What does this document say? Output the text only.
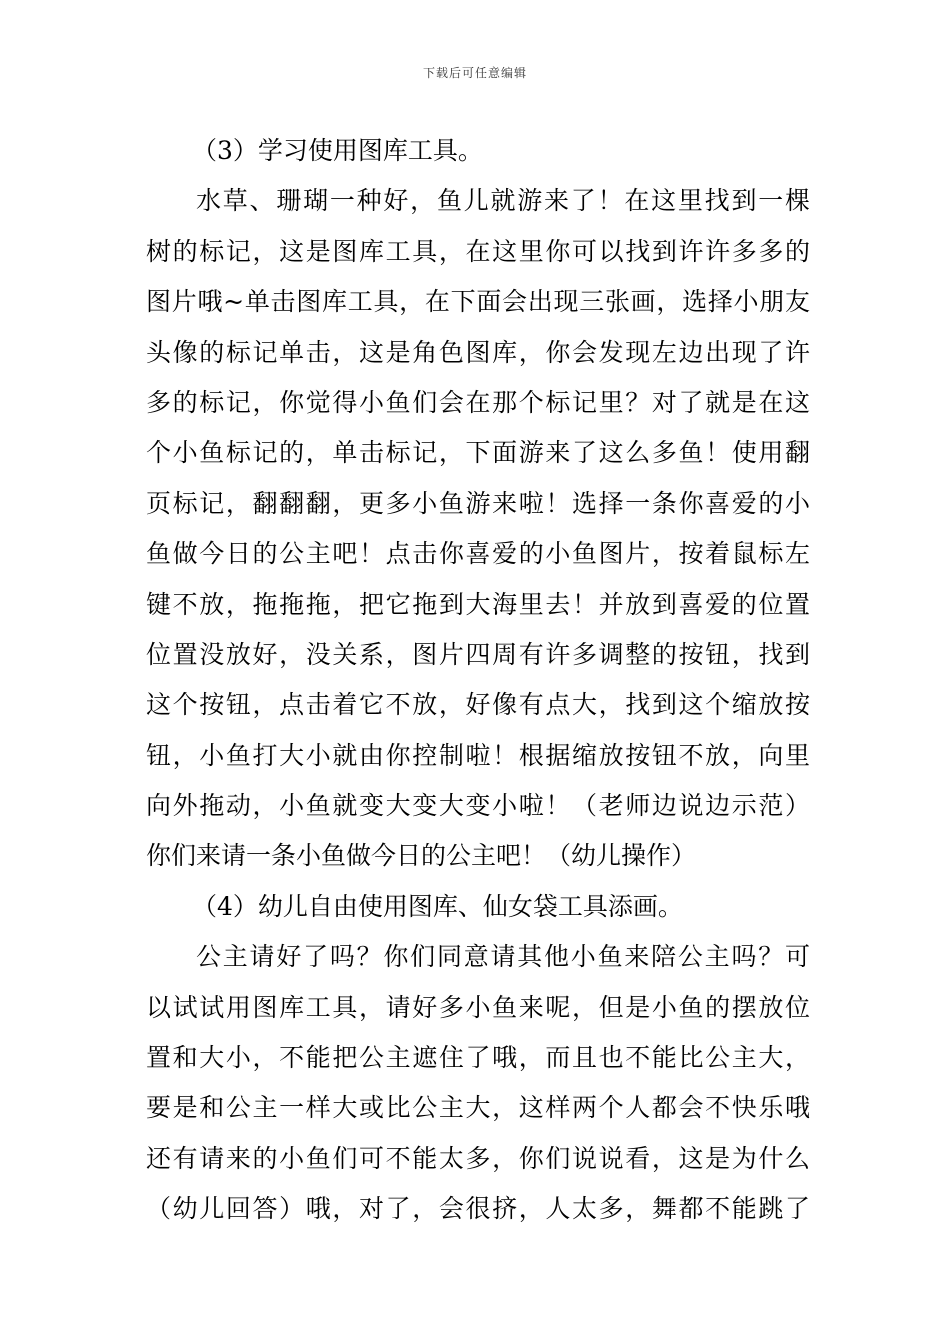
下载后可任意编辑
（3）学习使用图库工具。
水草、珊瑚一种好，鱼儿就游来了！在这里找到一棵
树的标记，这是图库工具，在这里你可以找到许许多多的
图片哦~单击图库工具，在下面会出现三张画，选择小朋友
头像的标记单击，这是角色图库，你会发现左边出现了许
多的标记，你觉得小鱼们会在那个标记里？对了就是在这
个小鱼标记的，单击标记，下面游来了这么多鱼！使用翻
页标记，翻翻翻，更多小鱼游来啦！选择一条你喜爱的小
鱼做今日的公主吧！点击你喜爱的小鱼图片，按着鼠标左
键不放，拖拖拖，把它拖到大海里去！并放到喜爱的位置
位置没放好，没关系，图片四周有许多调整的按钮，找到
这个按钮，点击着它不放，好像有点大，找到这个缩放按
钮，小鱼打大小就由你控制啦！根据缩放按钮不放，向里
向外拖动，小鱼就变大变大变小啦！（老师边说边示范）
你们来请一条小鱼做今日的公主吧！（幼儿操作）
（4）幼儿自由使用图库、仙女袋工具添画。
公主请好了吗？你们同意请其他小鱼来陪公主吗？可
以试试用图库工具，请好多小鱼来呢，但是小鱼的摆放位
置和大小，不能把公主遮住了哦，而且也不能比公主大，
要是和公主一样大或比公主大，这样两个人都会不快乐哦
还有请来的小鱼们可不能太多，你们说说看，这是为什么
（幼儿回答）哦，对了，会很挤，人太多，舞都不能跳了
